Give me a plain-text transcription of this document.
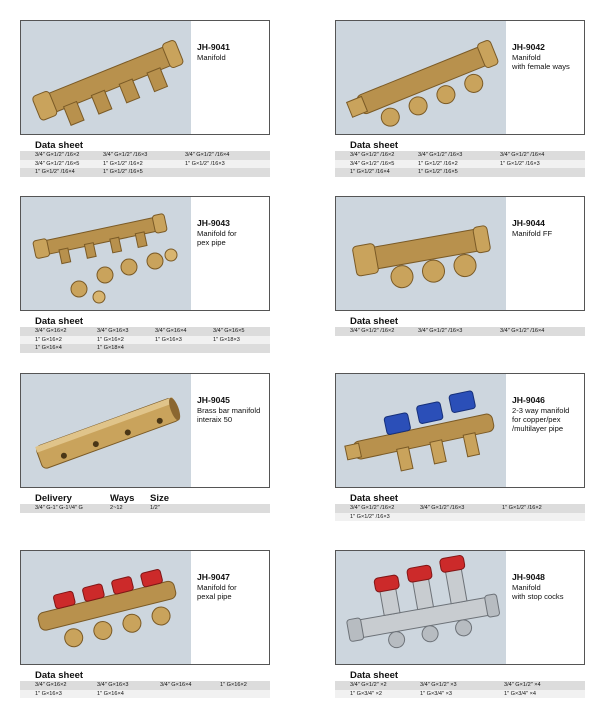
JH-9041
Manifold
Data sheet
3/4″ G×1/2″ /16×2	3/4″ G×1/2″ /16×3	3/4″ G×1/2″ /16×4
3/4″ G×1/2″ /16×5	1″ G×1/2″ /16×2	1″ G×1/2″ /16×3
1″ G×1/2″ /16×4	1″ G×1/2″ /16×5
JH-9042
Manifold
with female ways
Data sheet
3/4″ G×1/2″ /16×2	3/4″ G×1/2″ /16×3	3/4″ G×1/2″ /16×4
3/4″ G×1/2″ /16×5	1″ G×1/2″ /16×2	1″ G×1/2″ /16×3
1″ G×1/2″ /16×4	1″ G×1/2″ /16×5
JH-9043
Manifold for
pex pipe
Data sheet
3/4″ G×16×2	3/4″ G×16×3	3/4″ G×16×4	3/4″ G×16×5
1″ G×16×2	1″ G×16×2	1″ G×16×3	1″ G×18×3
1″ G×16×4	1″ G×18×4
JH-9044
Manifold FF
Data sheet
3/4″ G×1/2″ /16×2	3/4″ G×1/2″ /16×3	3/4″ G×1/2″ /16×4
JH-9045
Brass bar manifold
interaix 50
Delivery	Ways Size
3/4″ G-1″ G-1¹/4″ G	2~12	1/2″
JH-9046
2-3 way manifold
for copper/pex
/multilayer pipe
Data sheet
3/4″ G×1/2″ /16×2	3/4″ G×1/2″ /16×3	1″ G×1/2″ /16×2
1″ G×1/2″ /16×3
JH-9047
Manifold for
pexal pipe
Data sheet
3/4″ G×16×2	3/4″ G×16×3	3/4″ G×16×4	1″ G×16×2
1″ G×16×3	1″ G×16×4
JH-9048
Manifold
with stop cocks
Data sheet
3/4″ G×1/2″ ×2	3/4″ G×1/2″ ×3	3/4″ G×1/2″ ×4
1″ G×3/4″ ×2	1″ G×3/4″ ×3	1″ G×3/4″ ×4
